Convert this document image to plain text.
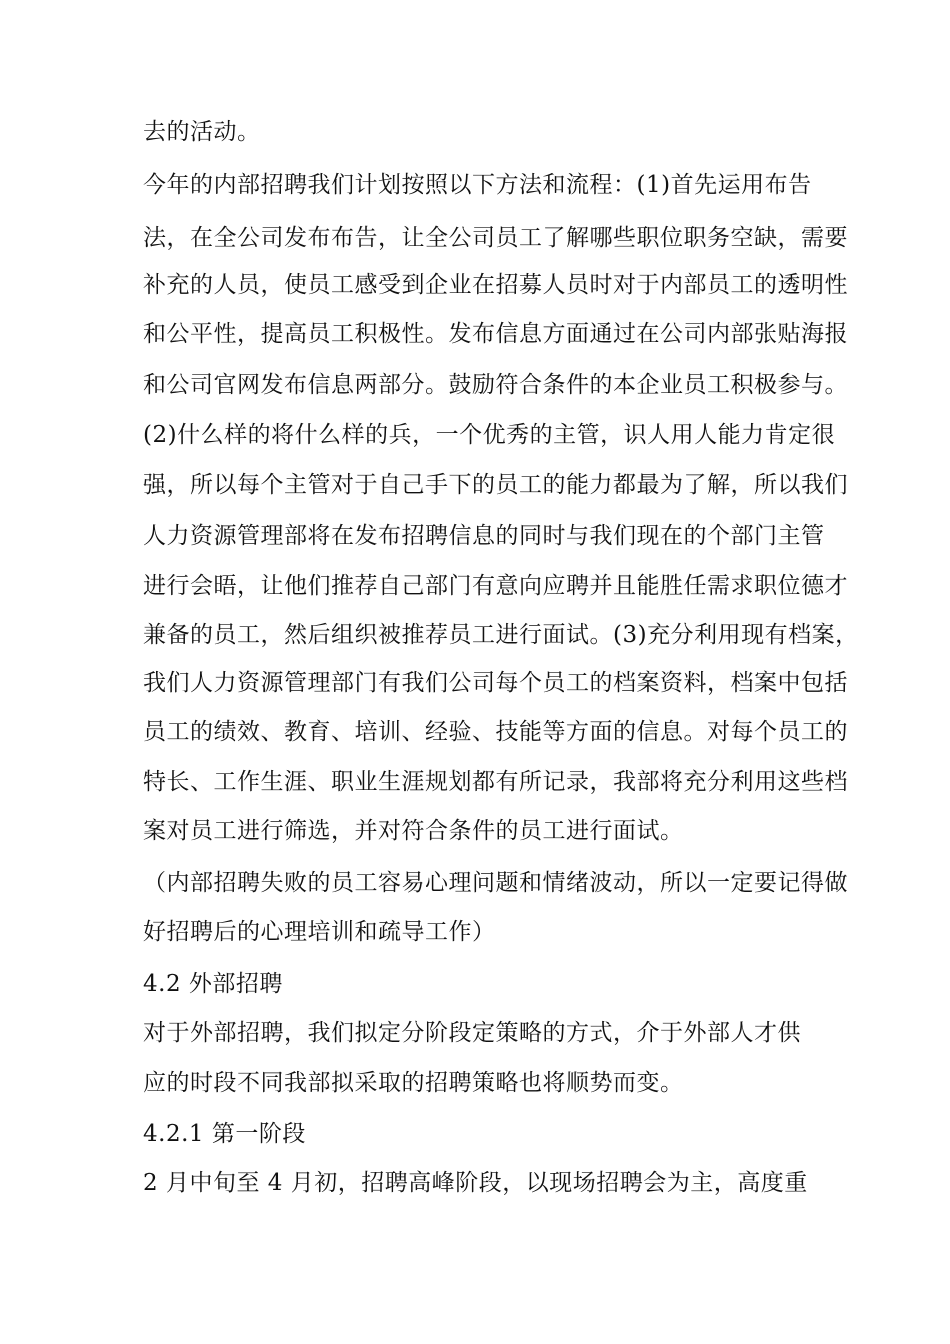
去的活动。
今年的内部招聘我们计划按照以下方法和流程：(1)首先运用布告
法，在全公司发布布告，让全公司员工了解哪些职位职务空缺，需要
补充的人员，使员工感受到企业在招募人员时对于内部员工的透明性
和公平性，提高员工积极性。发布信息方面通过在公司内部张贴海报
和公司官网发布信息两部分。鼓励符合条件的本企业员工积极参与。
(2)什么样的将什么样的兵，一个优秀的主管，识人用人能力肯定很
强，所以每个主管对于自己手下的员工的能力都最为了解，所以我们
人力资源管理部将在发布招聘信息的同时与我们现在的个部门主管
进行会晤，让他们推荐自己部门有意向应聘并且能胜任需求职位德才
兼备的员工，然后组织被推荐员工进行面试。(3)充分利用现有档案，
我们人力资源管理部门有我们公司每个员工的档案资料，档案中包括
员工的绩效、教育、培训、经验、技能等方面的信息。对每个员工的
特长、工作生涯、职业生涯规划都有所记录，我部将充分利用这些档
案对员工进行筛选，并对符合条件的员工进行面试。
（内部招聘失败的员工容易心理问题和情绪波动，所以一定要记得做
好招聘后的心理培训和疏导工作）
4.2 外部招聘
对于外部招聘，我们拟定分阶段定策略的方式，介于外部人才供
应的时段不同我部拟采取的招聘策略也将顺势而变。
4.2.1 第一阶段
2 月中旬至 4 月初，招聘高峰阶段，以现场招聘会为主，高度重
